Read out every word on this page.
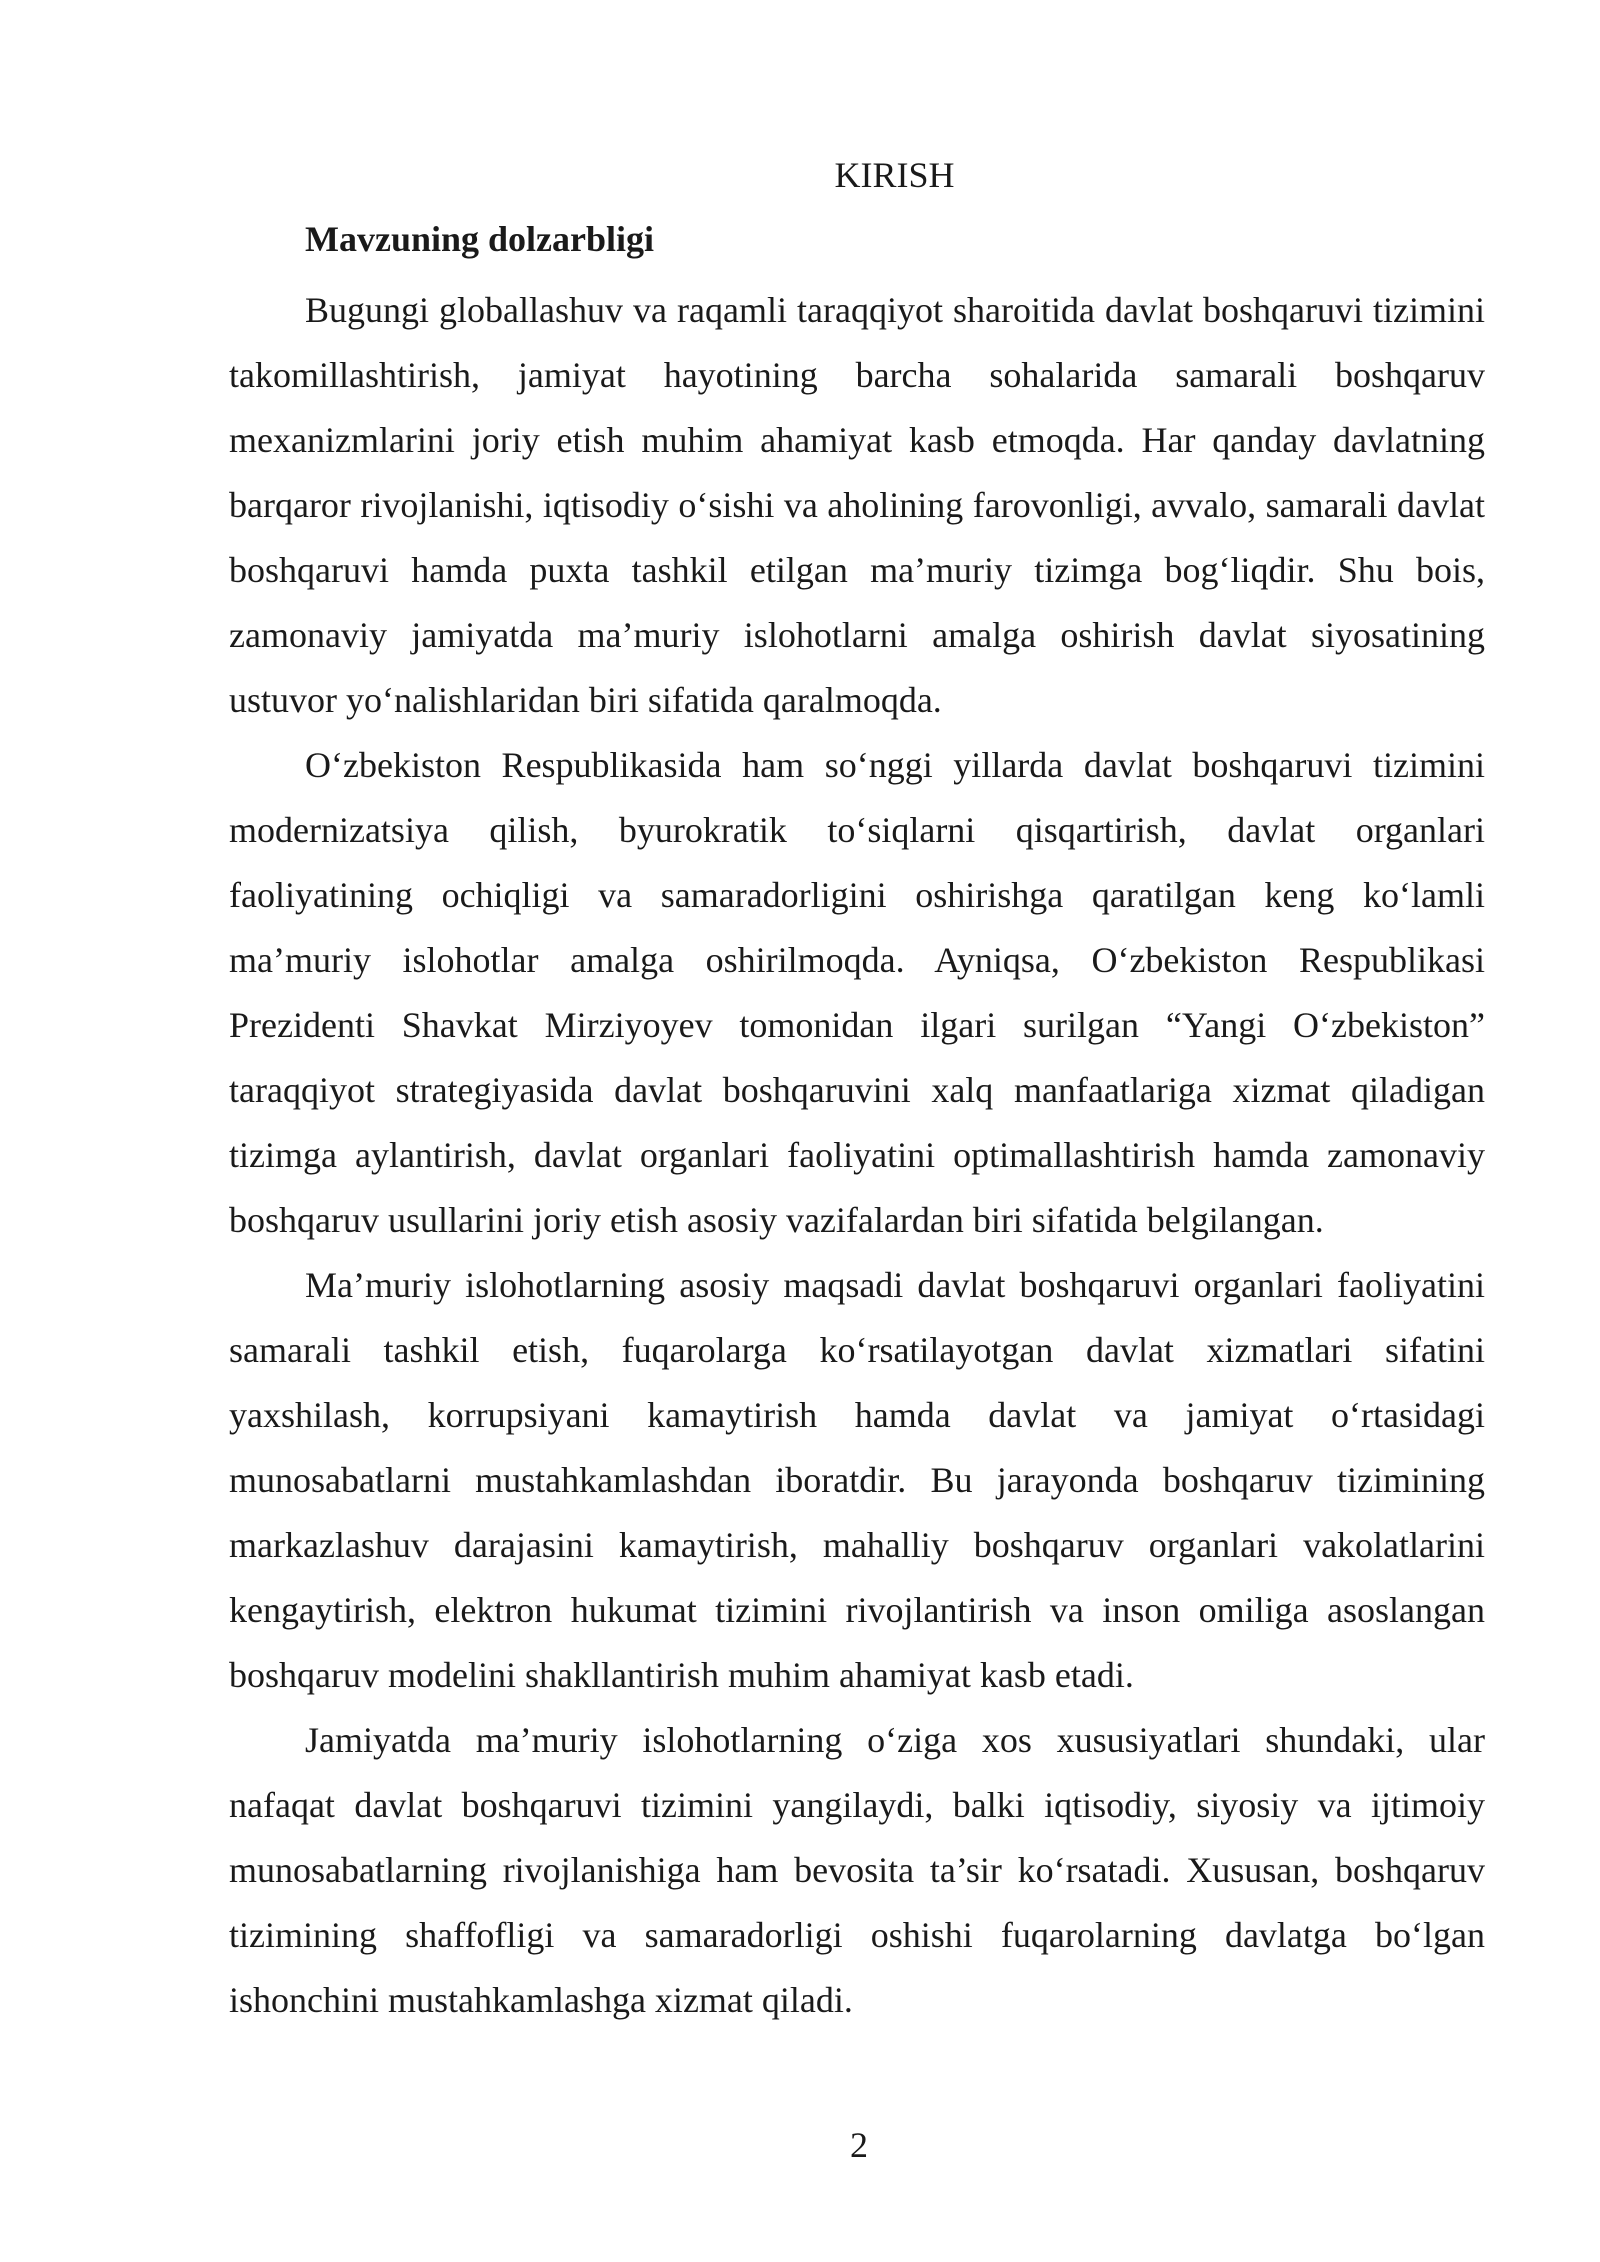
KIRISH
Mavzuning dolzarbligi

Bugungi globallashuv va raqamli taraqqiyot sharoitida davlat boshqaruvi tizimini takomillashtirish, jamiyat hayotining barcha sohalarida samarali boshqaruv mexanizmlarini joriy etish muhim ahamiyat kasb etmoqda. Har qanday davlatning barqaror rivojlanishi, iqtisodiy o‘sishi va aholining farovonligi, avvalo, samarali davlat boshqaruvi hamda puxta tashkil etilgan ma’muriy tizimga bog‘liqdir. Shu bois, zamonaviy jamiyatda ma’muriy islohotlarni amalga oshirish davlat siyosatining ustuvor yo‘nalishlaridan biri sifatida qaralmoqda.

O‘zbekiston Respublikasida ham so‘nggi yillarda davlat boshqaruvi tizimini modernizatsiya qilish, byurokratik to‘siqlarni qisqartirish, davlat organlari faoliyatining ochiqligi va samaradorligini oshirishga qaratilgan keng ko‘lamli ma’muriy islohotlar amalga oshirilmoqda. Ayniqsa, O‘zbekiston Respublikasi Prezidenti Shavkat Mirziyoyev tomonidan ilgari surilgan “Yangi O‘zbekiston” taraqqiyot strategiyasida davlat boshqaruvini xalq manfaatlariga xizmat qiladigan tizimga aylantirish, davlat organlari faoliyatini optimallashtirish hamda zamonaviy boshqaruv usullarini joriy etish asosiy vazifalardan biri sifatida belgilangan.

Ma’muriy islohotlarning asosiy maqsadi davlat boshqaruvi organlari faoliyatini samarali tashkil etish, fuqarolarga ko‘rsatilayotgan davlat xizmatlari sifatini yaxshilash, korrupsiyani kamaytirish hamda davlat va jamiyat o‘rtasidagi munosabatlarni mustahkamlashdan iboratdir. Bu jarayonda boshqaruv tizimining markazlashuv darajasini kamaytirish, mahalliy boshqaruv organlari vakolatlarini kengaytirish, elektron hukumat tizimini rivojlantirish va inson omiliga asoslangan boshqaruv modelini shakllantirish muhim ahamiyat kasb etadi.

Jamiyatda ma’muriy islohotlarning o‘ziga xos xususiyatlari shundaki, ular nafaqat davlat boshqaruvi tizimini yangilaydi, balki iqtisodiy, siyosiy va ijtimoiy munosabatlarning rivojlanishiga ham bevosita ta’sir ko‘rsatadi. Xususan, boshqaruv tizimining shaffofligi va samaradorligi oshishi fuqarolarning davlatga bo‘lgan ishonchini mustahkamlashga xizmat qiladi.

2
